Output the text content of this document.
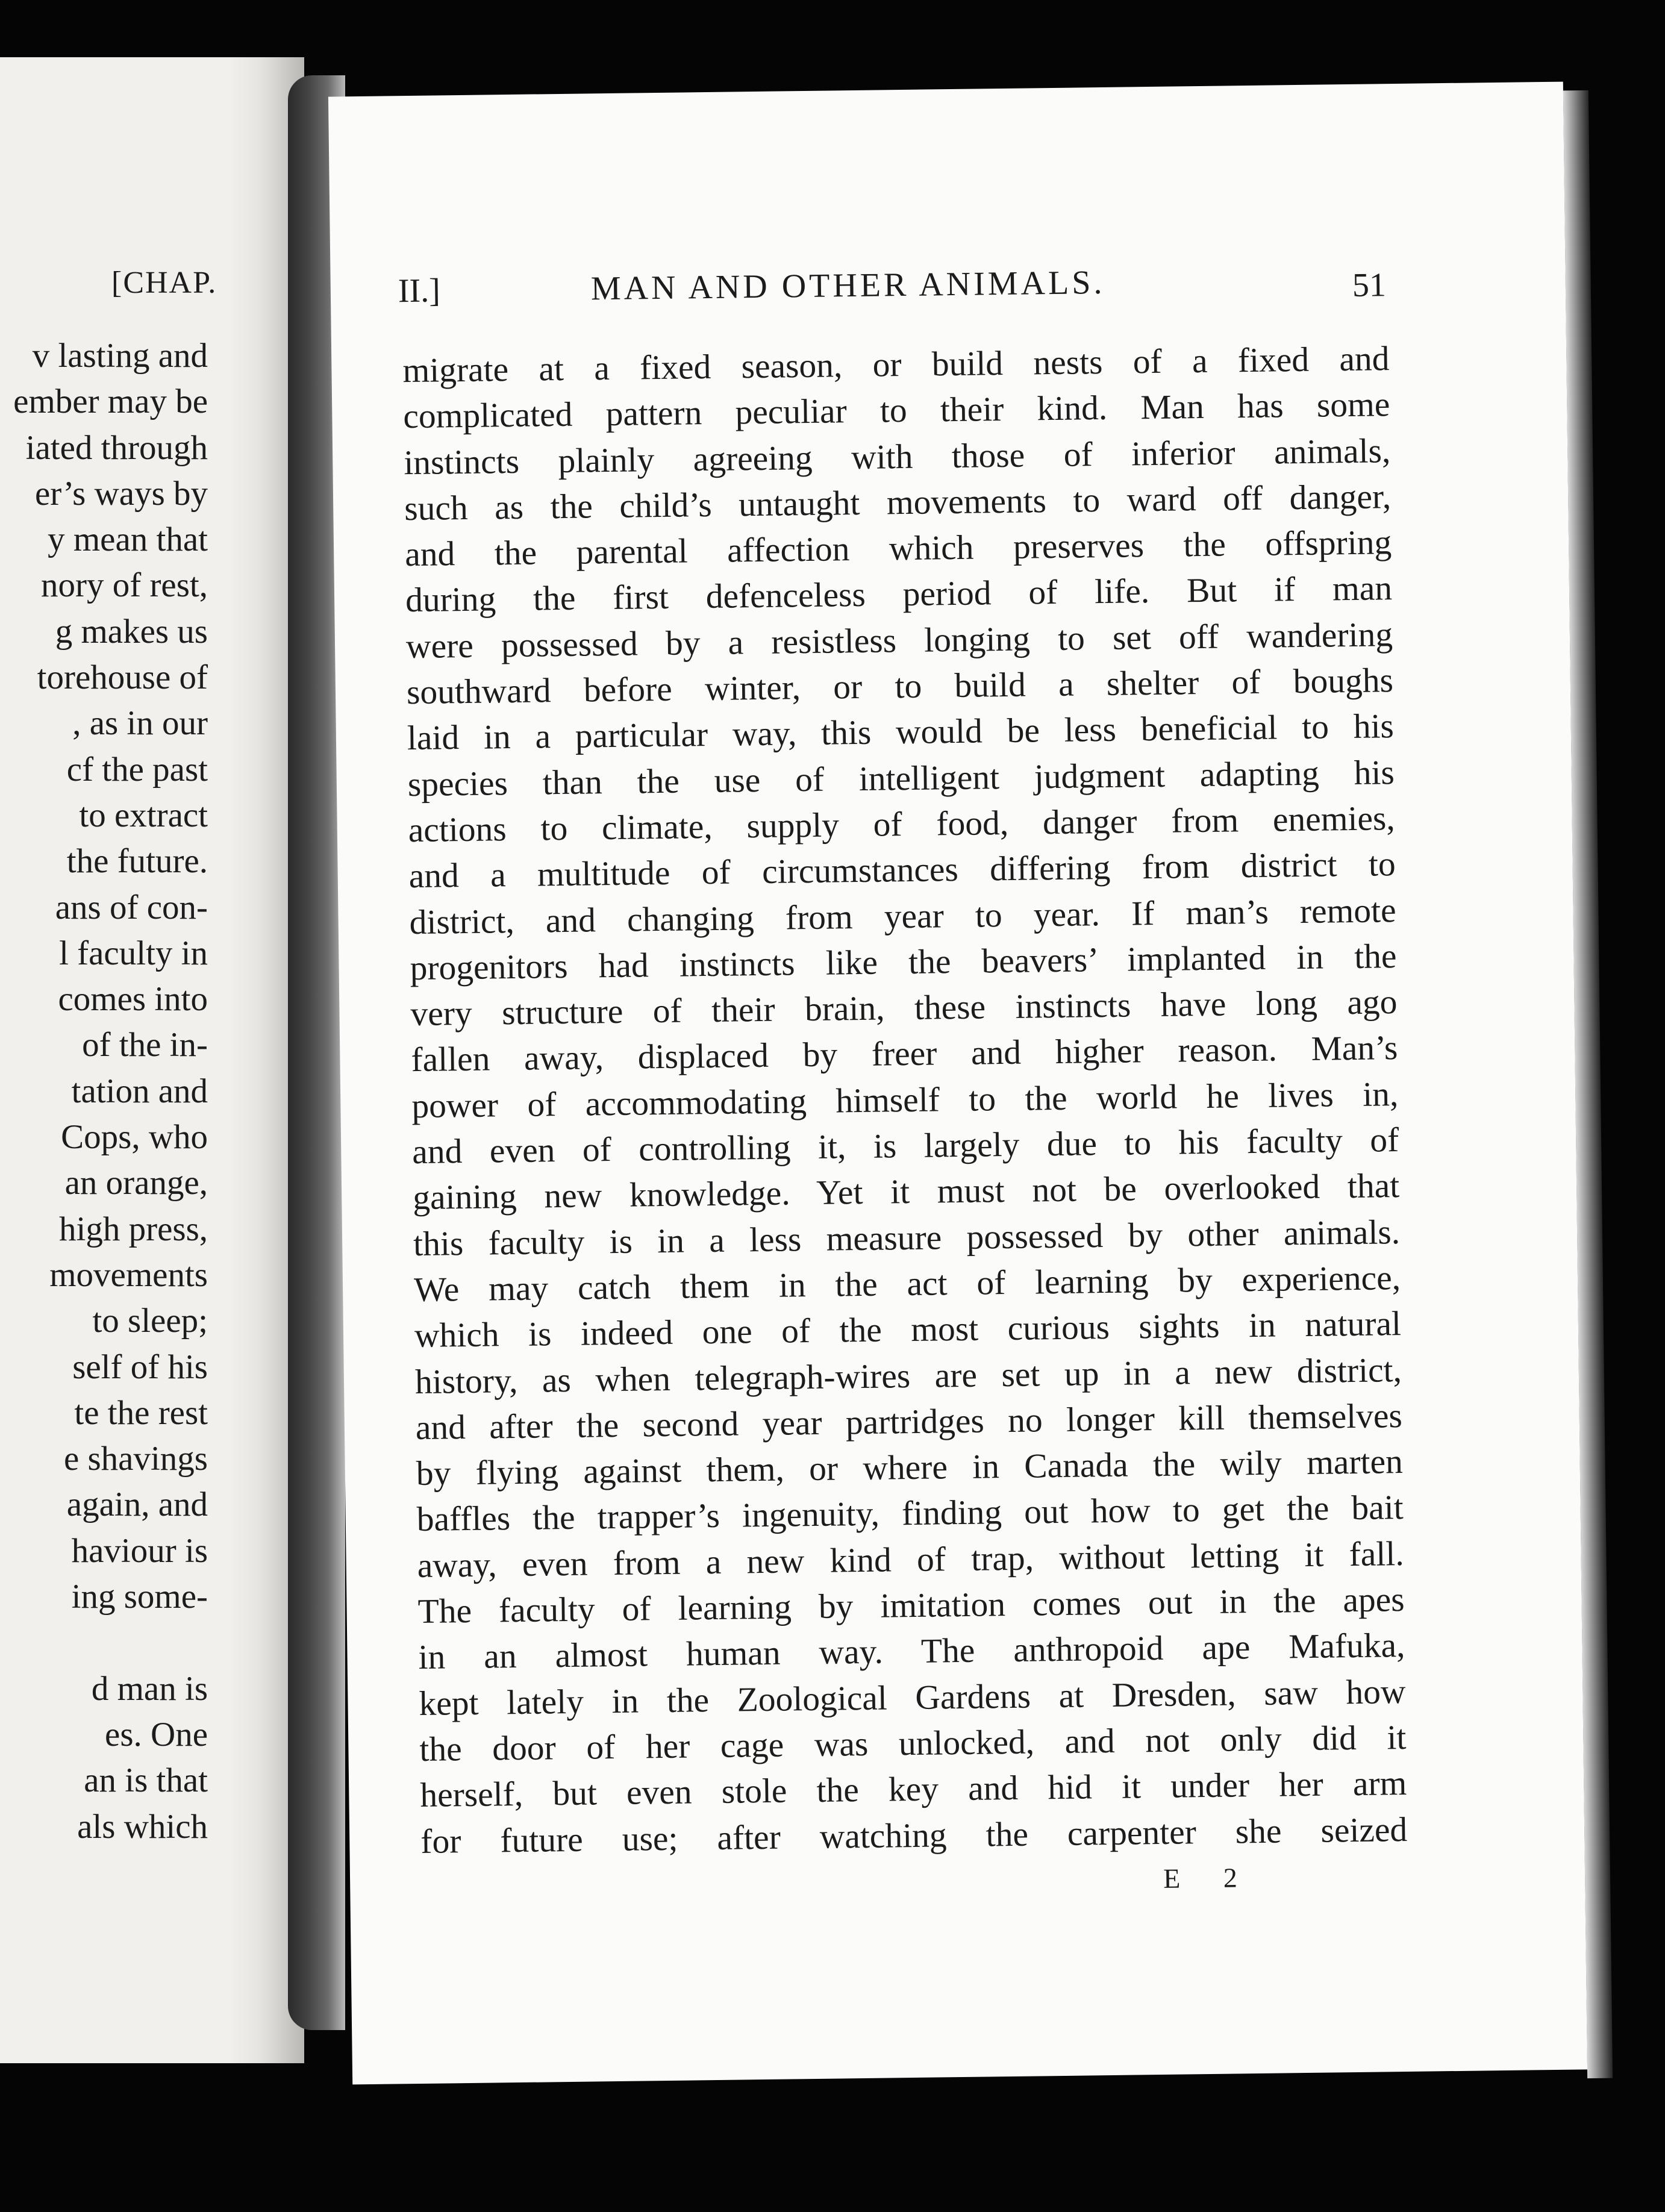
[CHAP.
v lasting and
ember may be
iated through
er’s ways by
y mean that
nory of rest,
g makes us
torehouse of
, as in our
cf the past
to extract
the future.
ans of con-
l faculty in
comes into
of the in-
tation and
Cops, who
an orange,
high press,
movements
to sleep;
self of his
te the rest
e shavings
again, and
haviour is
ing some-
d man is
es. One
an is that
als which
II.]	MAN AND OTHER ANIMALS.	51
migrate at a fixed season, or build nests of a fixed and
complicated pattern peculiar to their kind. Man has some
instincts plainly agreeing with those of inferior animals,
such as the child’s untaught movements to ward off danger,
and the parental affection which preserves the offspring
during the first defenceless period of life. But if man
were possessed by a resistless longing to set off wandering
southward before winter, or to build a shelter of boughs
laid in a particular way, this would be less beneficial to his
species than the use of intelligent judgment adapting his
actions to climate, supply of food, danger from enemies,
and a multitude of circumstances differing from district to
district, and changing from year to year. If man’s remote
progenitors had instincts like the beavers’ implanted in the
very structure of their brain, these instincts have long ago
fallen away, displaced by freer and higher reason. Man’s
power of accommodating himself to the world he lives in,
and even of controlling it, is largely due to his faculty of
gaining new knowledge. Yet it must not be overlooked that
this faculty is in a less measure possessed by other animals.
We may catch them in the act of learning by experience,
which is indeed one of the most curious sights in natural
history, as when telegraph-wires are set up in a new district,
and after the second year partridges no longer kill themselves
by flying against them, or where in Canada the wily marten
baffles the trapper’s ingenuity, finding out how to get the bait
away, even from a new kind of trap, without letting it fall.
The faculty of learning by imitation comes out in the apes
in an almost human way. The anthropoid ape Mafuka,
kept lately in the Zoological Gardens at Dresden, saw how
the door of her cage was unlocked, and not only did it
herself, but even stole the key and hid it under her arm
for future use; after watching the carpenter she seized
E 2
